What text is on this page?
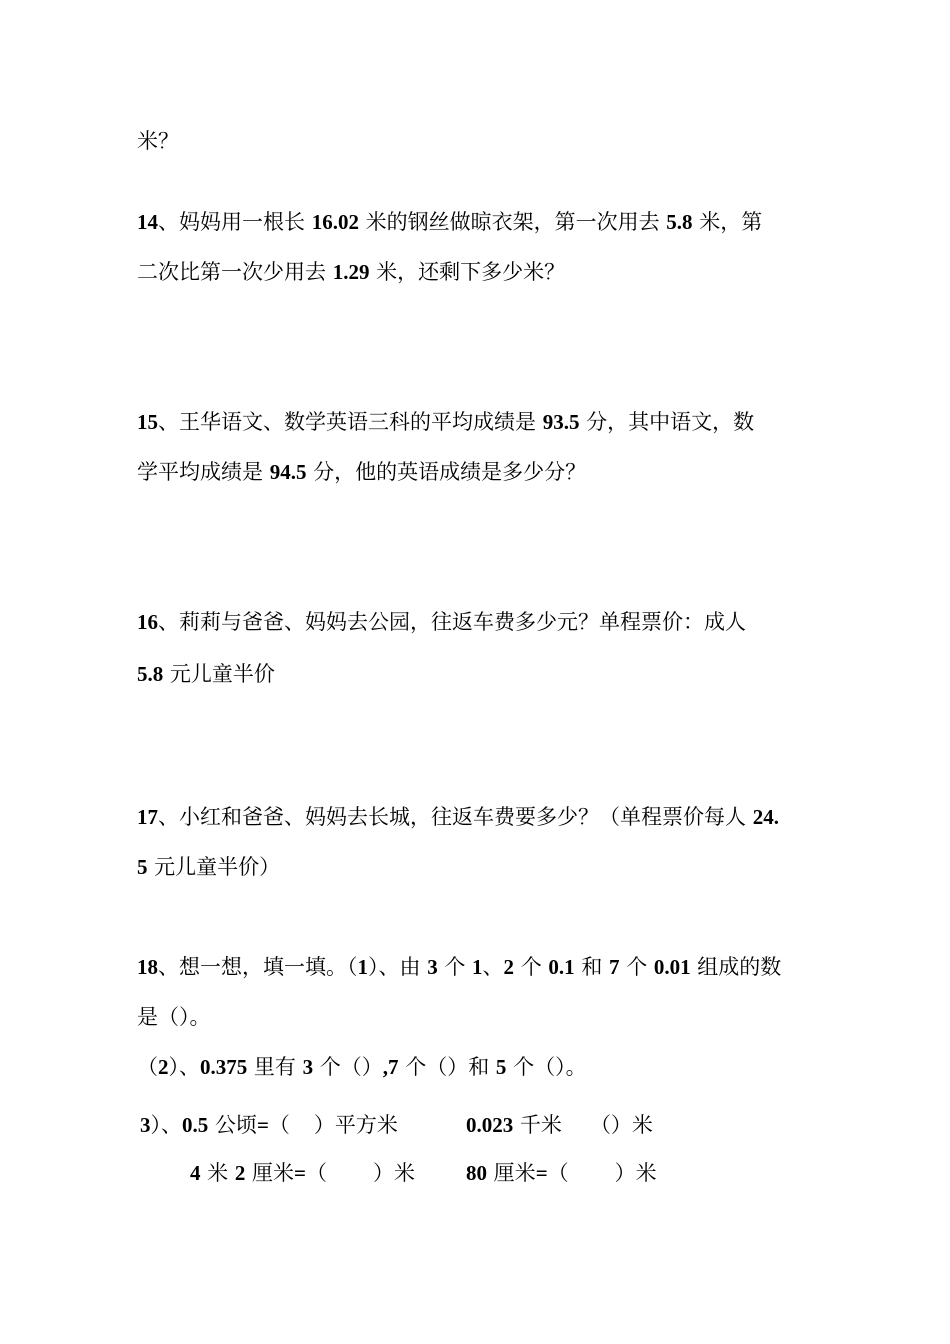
米？
14、妈妈用一根长 16.02 米的钢丝做晾衣架，第一次用去 5.8 米，第
二次比第一次少用去 1.29 米，还剩下多少米？
15、王华语文、数学英语三科的平均成绩是 93.5 分，其中语文，数
学平均成绩是 94.5 分，他的英语成绩是多少分？
16、莉莉与爸爸、妈妈去公园，往返车费多少元？单程票价：成人
5.8 元儿童半价
17、小红和爸爸、妈妈去长城，往返车费要多少？（单程票价每人 24.
5 元儿童半价）
18、想一想，填一填。（1）、由 3 个 1、2 个 0.1 和 7 个 0.01 组成的数
是（）。
（2）、0.375 里有 3 个（）,7 个（）和 5 个（）。
3）、0.5 公顷=（ ）平方米	0.023 千米 （）米
4 米 2 厘米=（ ）米 80 厘米=（ ）米
